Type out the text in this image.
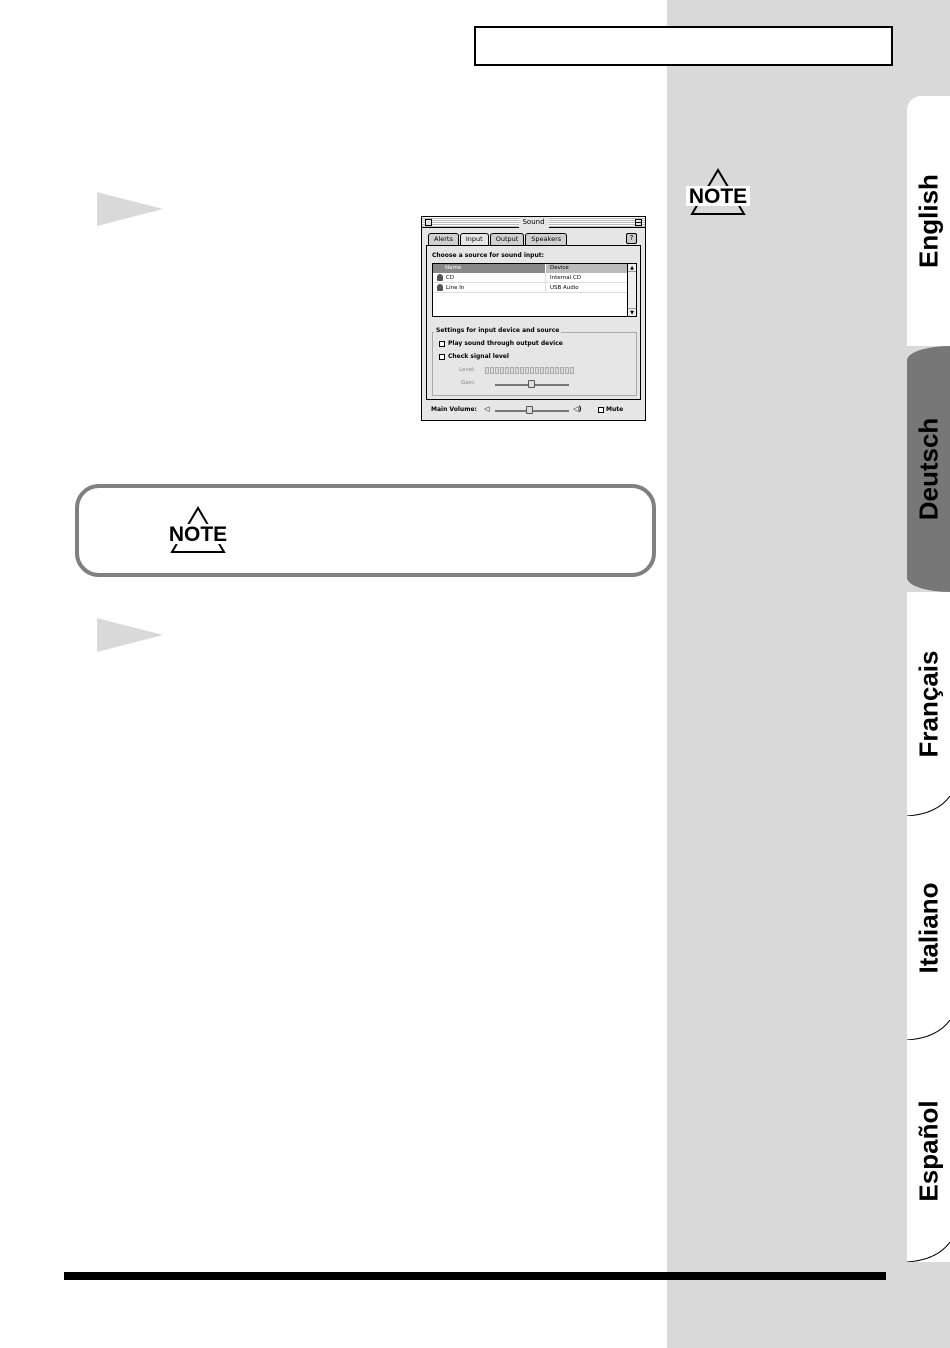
Sound
Alerts	Input	Output	Speakers	?
Choose a source for sound input:
Name	Device
CD	Internal CD
Line In	USB Audio
▲
▼
Settings for input device and source
Play sound through output device
Check signal level
Level:
Gain:
Main Volume: ◁	◁)	Mute
NOTE
NOTE
English
Deutsch
Français
Italiano
Español
